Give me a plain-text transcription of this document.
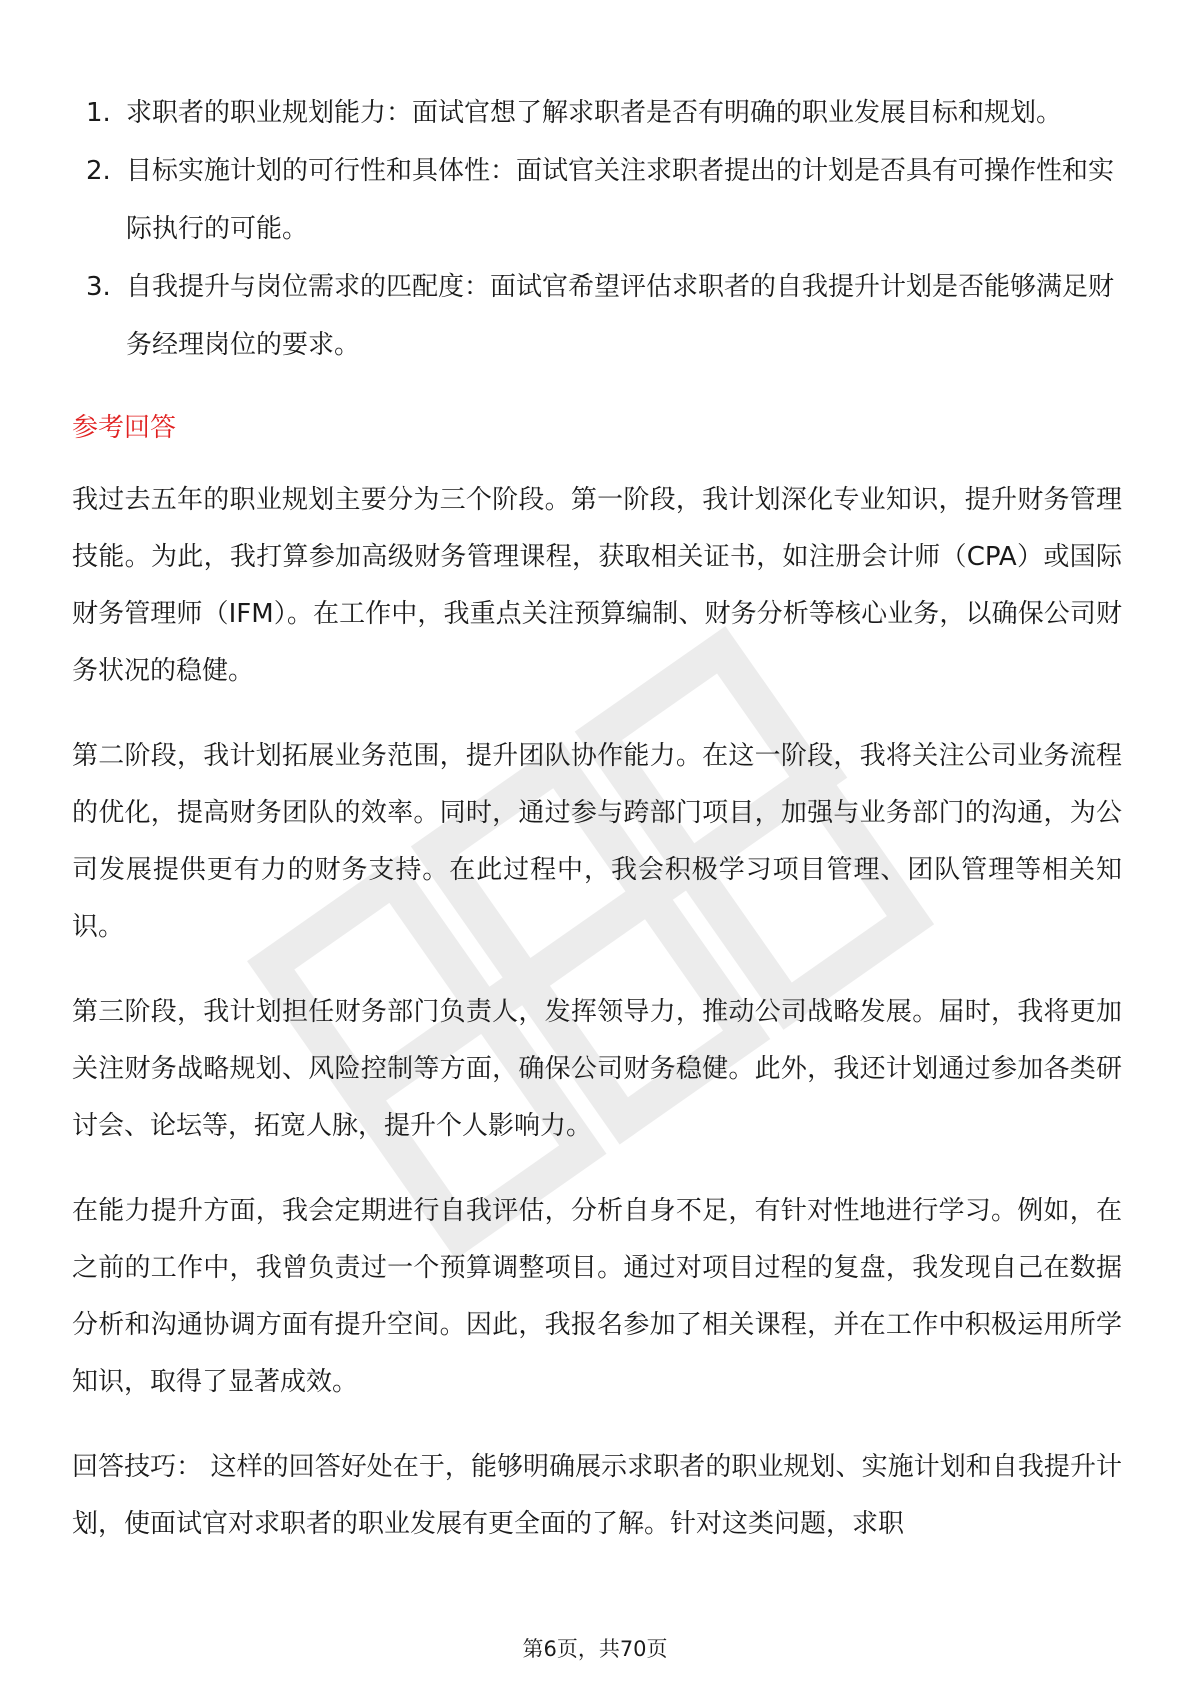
1. 求职者的职业规划能力：面试官想了解求职者是否有明确的职业发展目标和规划。
2. 目标实施计划的可行性和具体性：面试官关注求职者提出的计划是否具有可操作性和实际执行的可能。
3. 自我提升与岗位需求的匹配度：面试官希望评估求职者的自我提升计划是否能够满足财务经理岗位的要求。
参考回答

我过去五年的职业规划主要分为三个阶段。第一阶段，我计划深化专业知识，提升财务管理技能。为此，我打算参加高级财务管理课程，获取相关证书，如注册会计师（CPA）或国际财务管理师（IFM）。在工作中，我重点关注预算编制、财务分析等核心业务，以确保公司财务状况的稳健。

第二阶段，我计划拓展业务范围，提升团队协作能力。在这一阶段，我将关注公司业务流程的优化，提高财务团队的效率。同时，通过参与跨部门项目，加强与业务部门的沟通，为公司发展提供更有力的财务支持。在此过程中，我会积极学习项目管理、团队管理等相关知识。

第三阶段，我计划担任财务部门负责人，发挥领导力，推动公司战略发展。届时，我将更加关注财务战略规划、风险控制等方面，确保公司财务稳健。此外，我还计划通过参加各类研讨会、论坛等，拓宽人脉，提升个人影响力。

在能力提升方面，我会定期进行自我评估，分析自身不足，有针对性地进行学习。例如，在之前的工作中，我曾负责过一个预算调整项目。通过对项目过程的复盘，我发现自己在数据分析和沟通协调方面有提升空间。因此，我报名参加了相关课程，并在工作中积极运用所学知识，取得了显著成效。

回答技巧： 这样的回答好处在于，能够明确展示求职者的职业规划、实施计划和自我提升计划，使面试官对求职者的职业发展有更全面的了解。针对这类问题，求职

第6页，共70页
